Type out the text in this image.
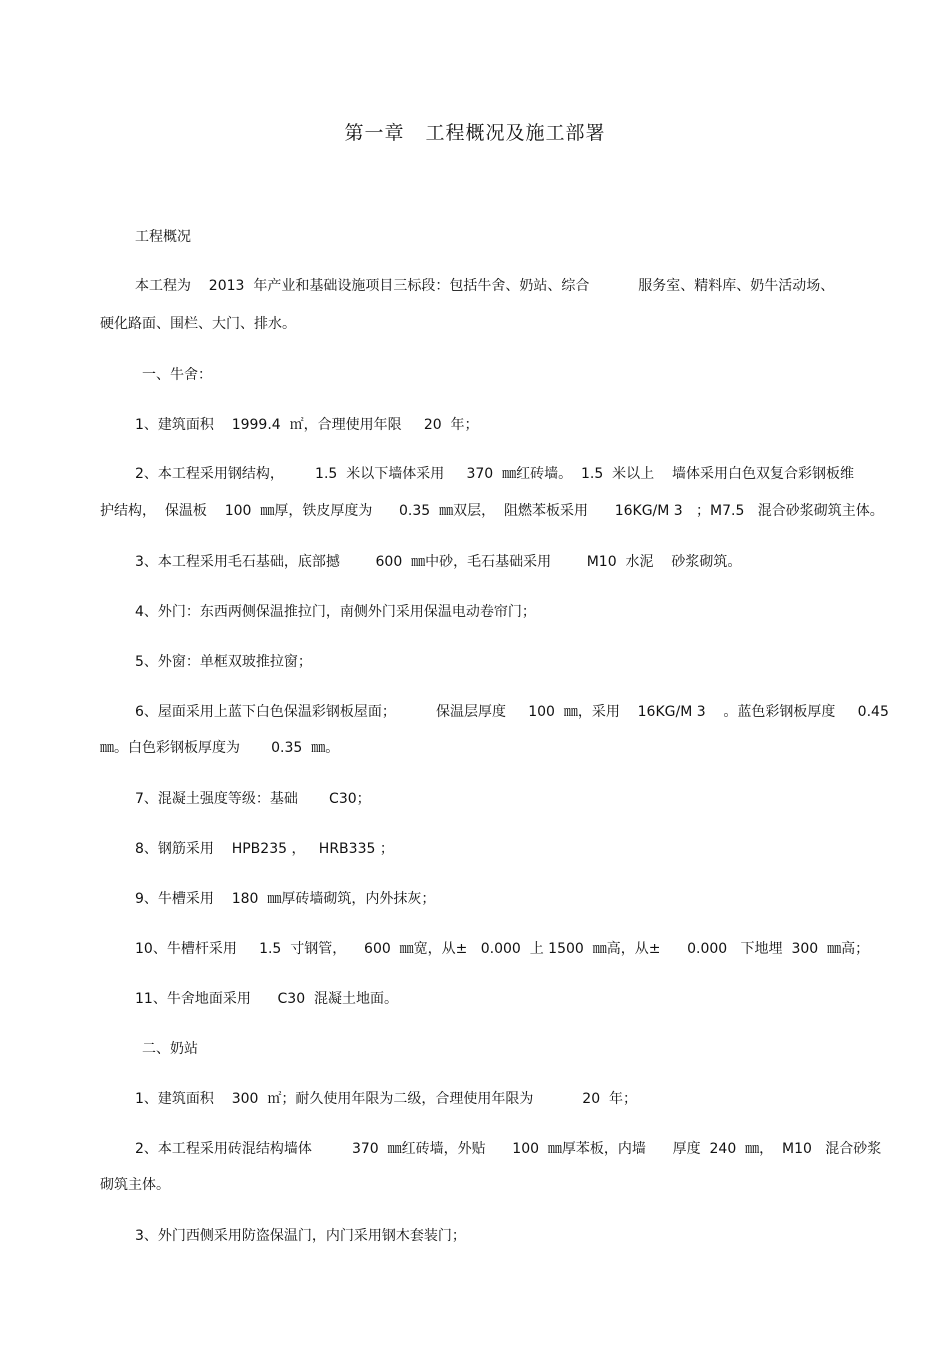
第一章   工程概况及施工部署

工程概况

本工程为    2013  年产业和基础设施项目三标段：包括牛舍、奶站、综合           服务室、精料库、奶牛活动场、

硬化路面、围栏、大门、排水。

一、牛舍：

1、建筑面积    1999.4  ㎡，合理使用年限     20  年；

2、本工程采用钢结构，       1.5  米以下墙体采用     370  ㎜红砖墙。  1.5  米以上    墙体采用白色双复合彩钢板维

护结构，  保温板    100  ㎜厚，铁皮厚度为      0.35  ㎜双层，  阻燃苯板采用      16KG/M 3   ；M7.5   混合砂浆砌筑主体。

3、本工程采用毛石基础，底部撼        600  ㎜中砂，毛石基础采用        M10  水泥    砂浆砌筑。

4、外门：东西两侧保温推拉门，南侧外门采用保温电动卷帘门；

5、外窗：单框双玻推拉窗；

6、屋面采用上蓝下白色保温彩钢板屋面；         保温层厚度     100  ㎜，采用    16KG/M 3    。蓝色彩钢板厚度     0.45

㎜。白色彩钢板厚度为       0.35  ㎜。

7、混凝土强度等级：基础       C30；

8、钢筋采用    HPB235 ，   HRB335 ；

9、牛槽采用    180  ㎜厚砖墙砌筑，内外抹灰；

10、牛槽杆采用     1.5  寸钢管，    600  ㎜宽，从±   0.000  上 1500  ㎜高，从±      0.000   下地埋  300  ㎜高；

11、牛舍地面采用      C30  混凝土地面。

二、奶站

1、建筑面积    300  ㎡；耐久使用年限为二级，合理使用年限为           20  年；

2、本工程采用砖混结构墙体         370  ㎜红砖墙，外贴      100  ㎜厚苯板，内墙      厚度  240  ㎜，  M10   混合砂浆

砌筑主体。

3、外门西侧采用防盗保温门，内门采用钢木套装门；
